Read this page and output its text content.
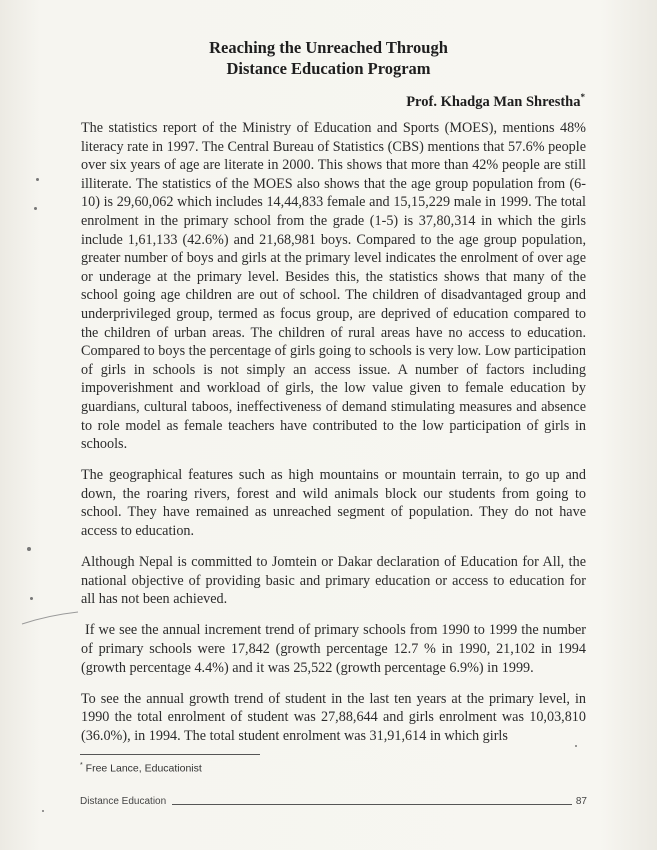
Reaching the Unreached Through
Distance Education Program
Prof. Khadga Man Shrestha*

The statistics report of the Ministry of Education and Sports (MOES), mentions 48% literacy rate in 1997. The Central Bureau of Statistics (CBS) mentions that 57.6% people over six years of age are literate in 2000. This shows that more than 42% people are still illiterate. The statistics of the MOES also shows that the age group population from (6-10) is 29,60,062 which includes 14,44,833 female and 15,15,229 male in 1999. The total enrolment in the primary school from the grade (1-5) is 37,80,314 in which the girls include 1,61,133 (42.6%) and 21,68,981 boys. Compared to the age group population, greater number of boys and girls at the primary level indicates the enrolment of over age or underage at the primary level. Besides this, the statistics shows that many of the school going age children are out of school. The children of disadvantaged group and underprivileged group, termed as focus group, are deprived of education compared to the children of urban areas. The children of rural areas have no access to education. Compared to boys the percentage of girls going to schools is very low. Low participation of girls in schools is not simply an access issue. A number of factors including impoverishment and workload of girls, the low value given to female education by guardians, cultural taboos, ineffectiveness of demand stimulating measures and absence to role model as female teachers have contributed to the low participation of girls in schools.

The geographical features such as high mountains or mountain terrain, to go up and down, the roaring rivers, forest and wild animals block our students from going to school. They have remained as unreached segment of population. They do not have access to education.

Although Nepal is committed to Jomtein or Dakar declaration of Education for All, the national objective of providing basic and primary education or access to education for all has not been achieved.

If we see the annual increment trend of primary schools from 1990 to 1999 the number of primary schools were 17,842 (growth percentage 12.7 % in 1990, 21,102 in 1994 (growth percentage 4.4%) and it was 25,522 (growth percentage 6.9%) in 1999.

To see the annual growth trend of student in the last ten years at the primary level, in 1990 the total enrolment of student was 27,88,644 and girls enrolment was 10,03,810 (36.0%), in 1994. The total student enrolment was 31,91,614 in which girls

* Free Lance, Educationist
Distance Education	87
